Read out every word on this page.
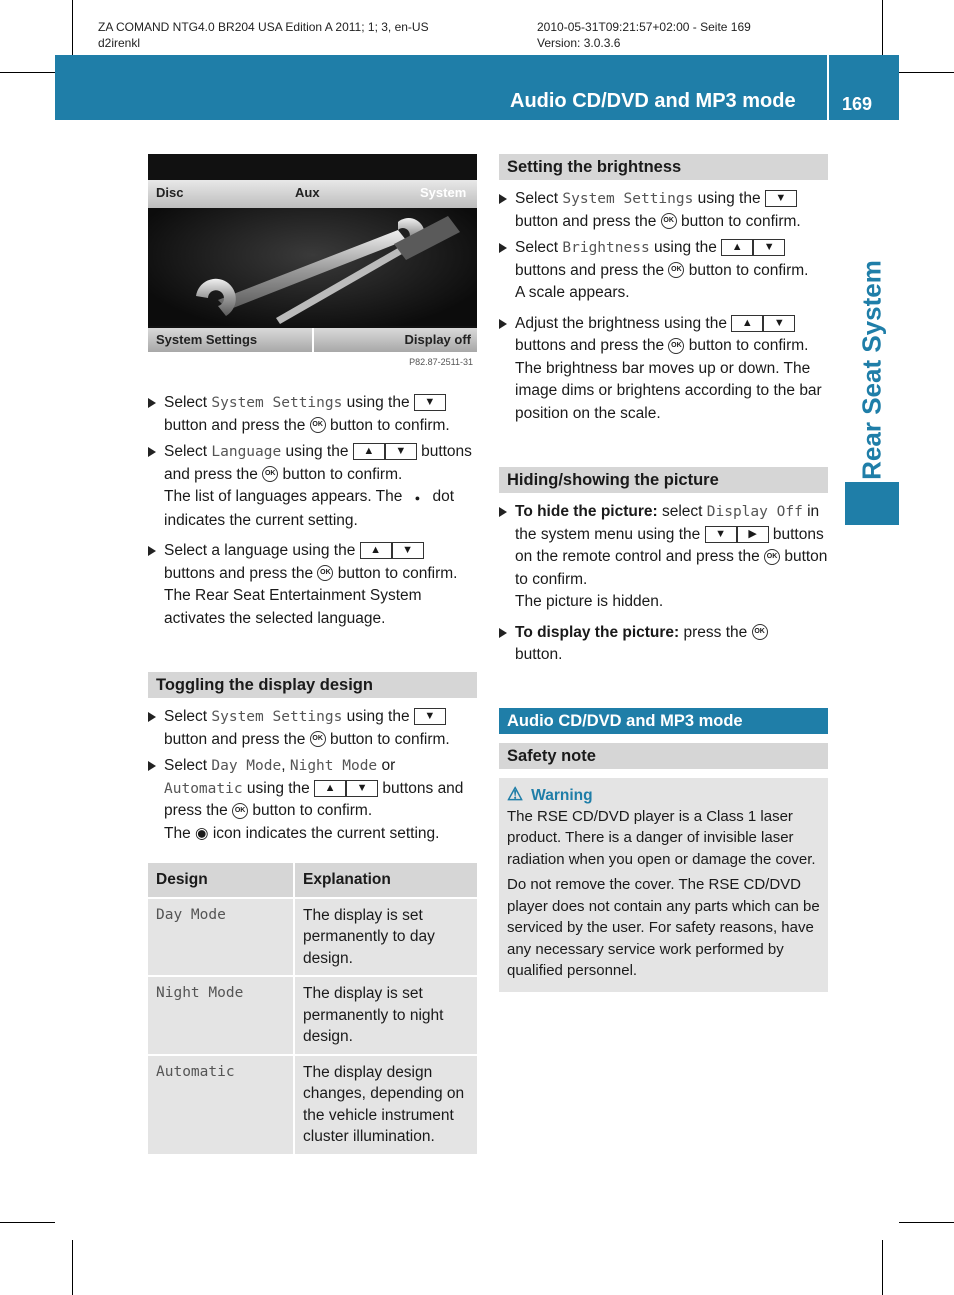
ZA COMAND NTG4.0 BR204 USA Edition A 2011; 1; 3, en-US
d2irenkl
2010-05-31T09:21:57+02:00 - Seite 169
Version: 3.0.3.6
Audio CD/DVD and MP3 mode	169
Rear Seat System
Disc	Aux	System
System Settings	Display off
P82.87-2511-31

Select System Settings using the ▼ button and press the OK button to confirm.

Select Language using the ▲ ▼ buttons and press the OK button to confirm.
The list of languages appears. The ● dot indicates the current setting.

Select a language using the ▲ ▼ buttons and press the OK button to confirm.
The Rear Seat Entertainment System activates the selected language.

Toggling the display design

Select System Settings using the ▼ button and press the OK button to confirm.

Select Day Mode, Night Mode or Automatic using the ▲ ▼ buttons and press the OK button to confirm.
The ◉ icon indicates the current setting.

Design	Explanation
Day Mode	The display is set permanently to day design.
Night Mode	The display is set permanently to night design.
Automatic	The display design changes, depending on the vehicle instrument cluster illumination.
Setting the brightness

Select System Settings using the ▼ button and press the OK button to confirm.

Select Brightness using the ▲ ▼ buttons and press the OK button to confirm.
A scale appears.

Adjust the brightness using the ▲ ▼ buttons and press the OK button to confirm.
The brightness bar moves up or down. The image dims or brightens according to the bar position on the scale.

Hiding/showing the picture

To hide the picture: select Display Off in the system menu using the ▼ ▶ buttons on the remote control and press the OK button to confirm.
The picture is hidden.

To display the picture: press the OK
button.

Audio CD/DVD and MP3 mode
Safety note
⚠ Warning

The RSE CD/DVD player is a Class 1 laser product. There is a danger of invisible laser radiation when you open or damage the cover.

Do not remove the cover. The RSE CD/DVD player does not contain any parts which can be serviced by the user. For safety reasons, have any necessary service work performed by qualified personnel.
